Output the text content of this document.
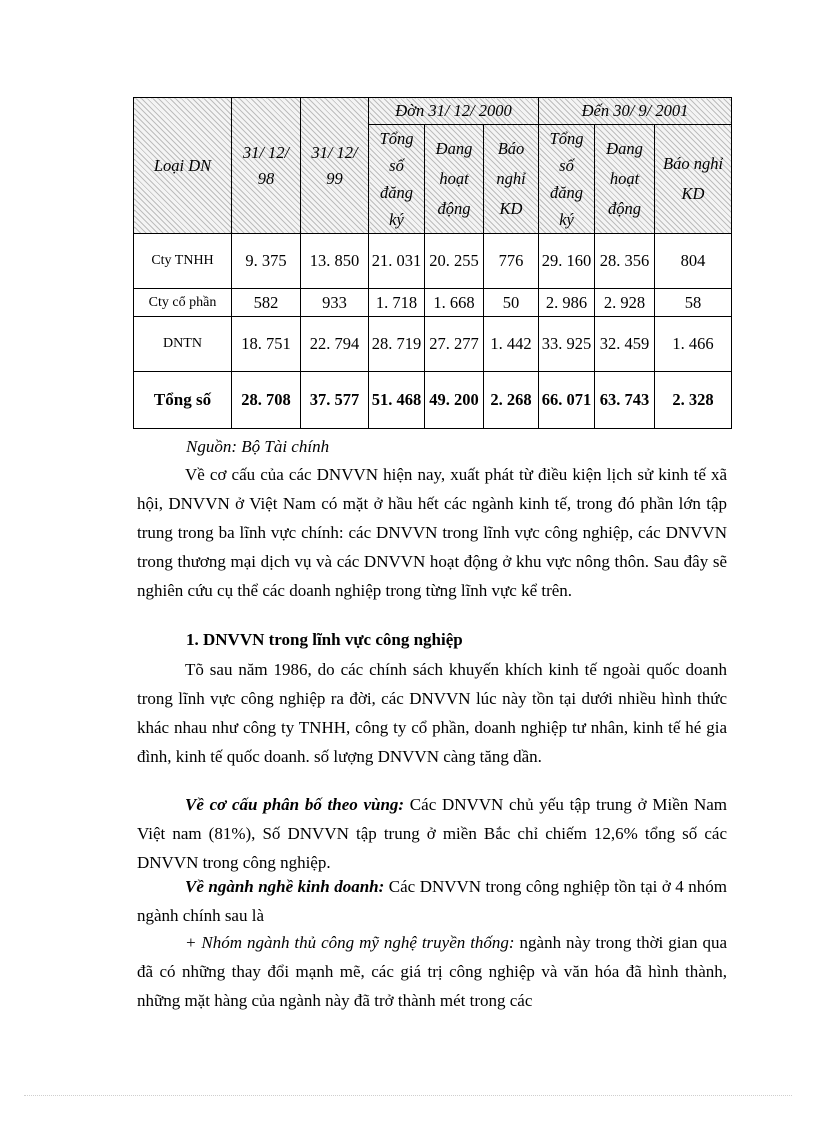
Loại DN	31/ 12/ 98	31/ 12/ 99	Đờn 31/ 12/ 2000			Đến 30/ 9/ 2001		
			Tổng số đăng ký	Đang hoạt động	Báo nghỉ KD	Tổng số đăng ký	Đang hoạt động	Báo nghỉ KD
Cty TNHH	9. 375	13. 850	21. 031	20. 255	776	29. 160	28. 356	804
Cty cổ phần	582	933	1. 718	1. 668	50	2. 986	2. 928	58
DNTN	18. 751	22. 794	28. 719	27. 277	1. 442	33. 925	32. 459	1. 466
Tổng số	28. 708	37. 577	51. 468	49. 200	2. 268	66. 071	63. 743	2. 328
Nguồn: Bộ Tài chính

Về cơ cấu của các DNVVN hiện nay, xuất phát từ điều kiện lịch sử kinh tế xã hội, DNVVN ở Việt Nam có mặt ở hầu hết các ngành kinh tế, trong đó phần lớn tập trung trong ba lĩnh vực chính: các DNVVN trong lĩnh vực công nghiệp, các DNVVN trong thương mại dịch vụ và các DNVVN hoạt động ở khu vực nông thôn. Sau đây sẽ nghiên cứu cụ thể các doanh nghiệp trong từng lĩnh vực kể trên.

1. DNVVN trong lĩnh vực công nghiệp

Tõ sau năm 1986, do các chính sách khuyến khích kinh tế ngoài quốc doanh trong lĩnh vực công nghiệp ra đời, các DNVVN lúc này tồn tại dưới nhiều hình thức khác nhau như công ty TNHH, công ty cổ phần, doanh nghiệp tư nhân, kinh tế hé gia đình, kinh tế quốc doanh. số lượng DNVVN càng tăng dần.

Về cơ cấu phân bố theo vùng: Các DNVVN chủ yếu tập trung ở Miền Nam Việt nam (81%), Số DNVVN tập trung ở miền Bắc chỉ chiếm 12,6% tổng số các DNVVN trong công nghiệp.

Về ngành nghề kinh doanh: Các DNVVN trong công nghiệp tồn tại ở 4 nhóm ngành chính sau là

+ Nhóm ngành thủ công mỹ nghệ truyền thống: ngành này trong thời gian qua đã có những thay đổi mạnh mẽ, các giá trị công nghiệp và văn hóa đã hình thành, những mặt hàng của ngành này đã trở thành mét trong các
